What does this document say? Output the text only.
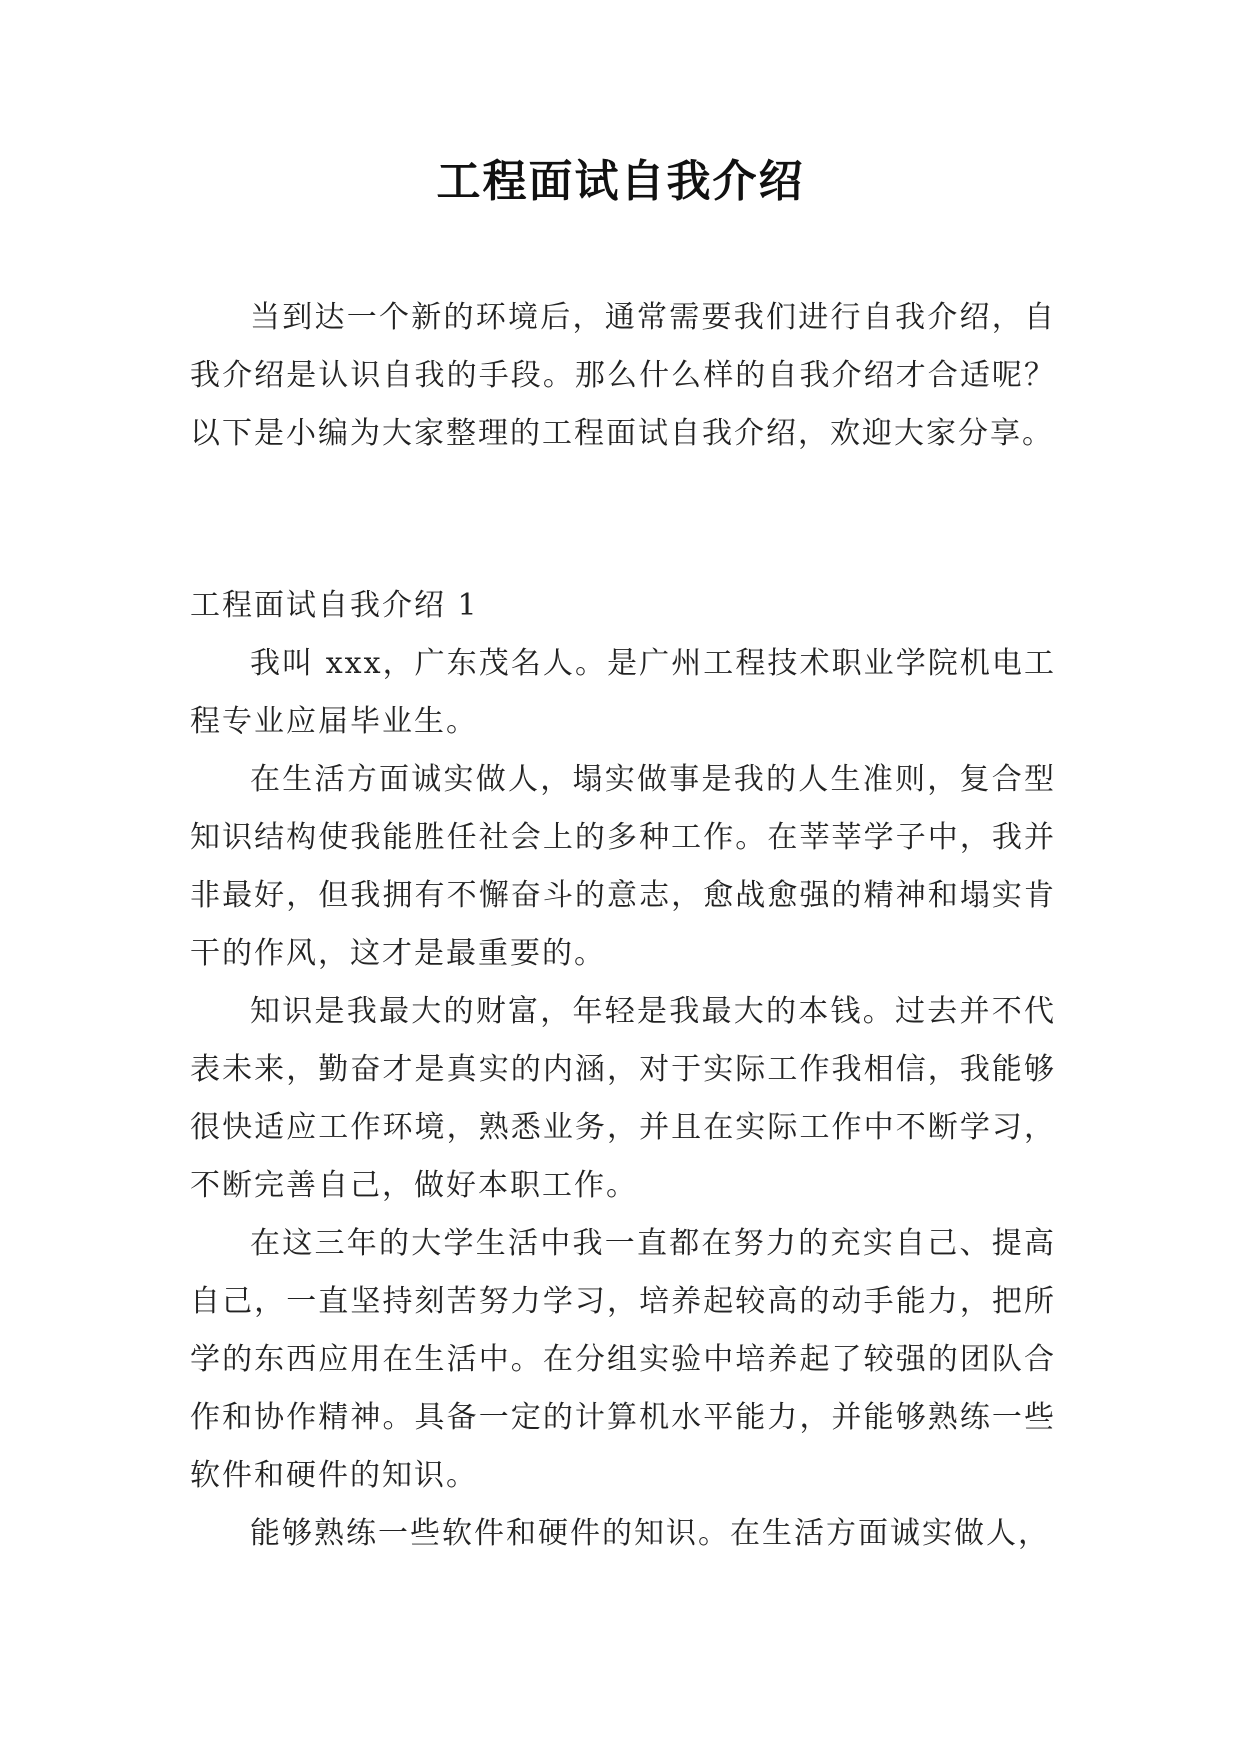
工程面试自我介绍

当到达一个新的环境后，通常需要我们进行自我介绍，自我介绍是认识自我的手段。那么什么样的自我介绍才合适呢？以下是小编为大家整理的工程面试自我介绍，欢迎大家分享。

工程面试自我介绍 1

我叫 xxx，广东茂名人。是广州工程技术职业学院机电工程专业应届毕业生。

在生活方面诚实做人，塌实做事是我的人生准则，复合型知识结构使我能胜任社会上的多种工作。在莘莘学子中，我并非最好，但我拥有不懈奋斗的意志，愈战愈强的精神和塌实肯干的作风，这才是最重要的。

知识是我最大的财富，年轻是我最大的本钱。过去并不代表未来，勤奋才是真实的内涵，对于实际工作我相信，我能够很快适应工作环境，熟悉业务，并且在实际工作中不断学习，不断完善自己，做好本职工作。

在这三年的大学生活中我一直都在努力的充实自己、提高自己，一直坚持刻苦努力学习，培养起较高的动手能力，把所学的东西应用在生活中。在分组实验中培养起了较强的团队合作和协作精神。具备一定的计算机水平能力，并能够熟练一些软件和硬件的知识。

能够熟练一些软件和硬件的知识。在生活方面诚实做人，
